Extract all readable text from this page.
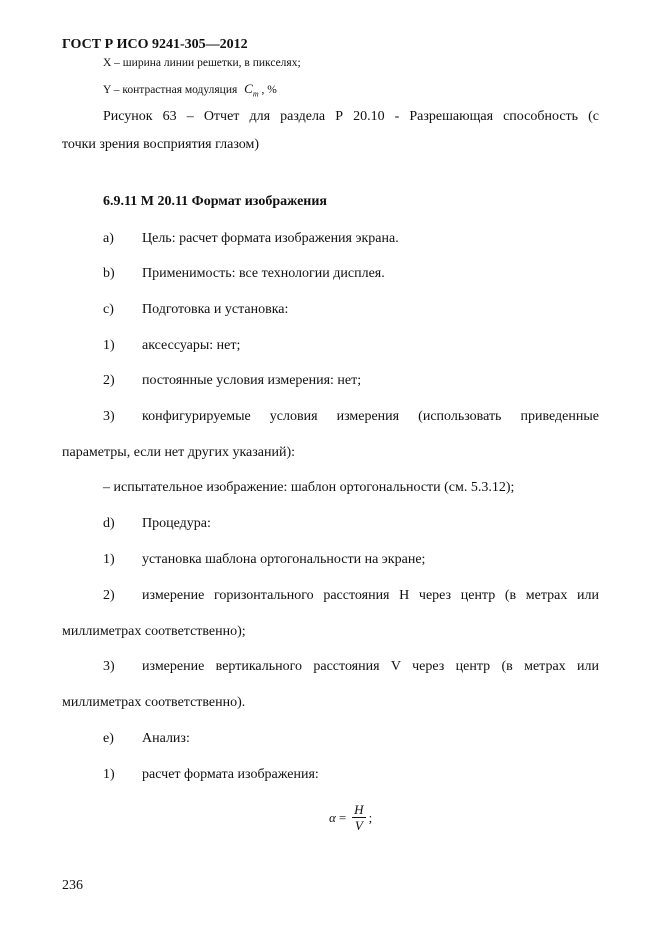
ГОСТ Р ИСО 9241-305—2012
X – ширина линии решетки, в пикселях;
Y – контрастная модуляция $C_m$ , %
Рисунок 63 – Отчет для раздела Р 20.10 - Разрешающая способность (с
точки зрения восприятия глазом)
6.9.11 М 20.11 Формат изображения
a) Цель: расчет формата изображения экрана.
b) Применимость: все технологии дисплея.
c) Подготовка и установка:
1) аксессуары: нет;
2) постоянные условия измерения: нет;
3) конфигурируемые условия измерения (использовать приведенные
параметры, если нет других указаний):
– испытательное изображение: шаблон ортогональности (см. 5.3.12);
d) Процедура:
1) установка шаблона ортогональности на экране;
2) измерение горизонтального расстояния H через центр (в метрах или
миллиметрах соответственно);
3) измерение вертикального расстояния V через центр (в метрах или
миллиметрах соответственно).
e) Анализ:
1) расчет формата изображения:
$\alpha = \frac{H}{V}$ ;
236
